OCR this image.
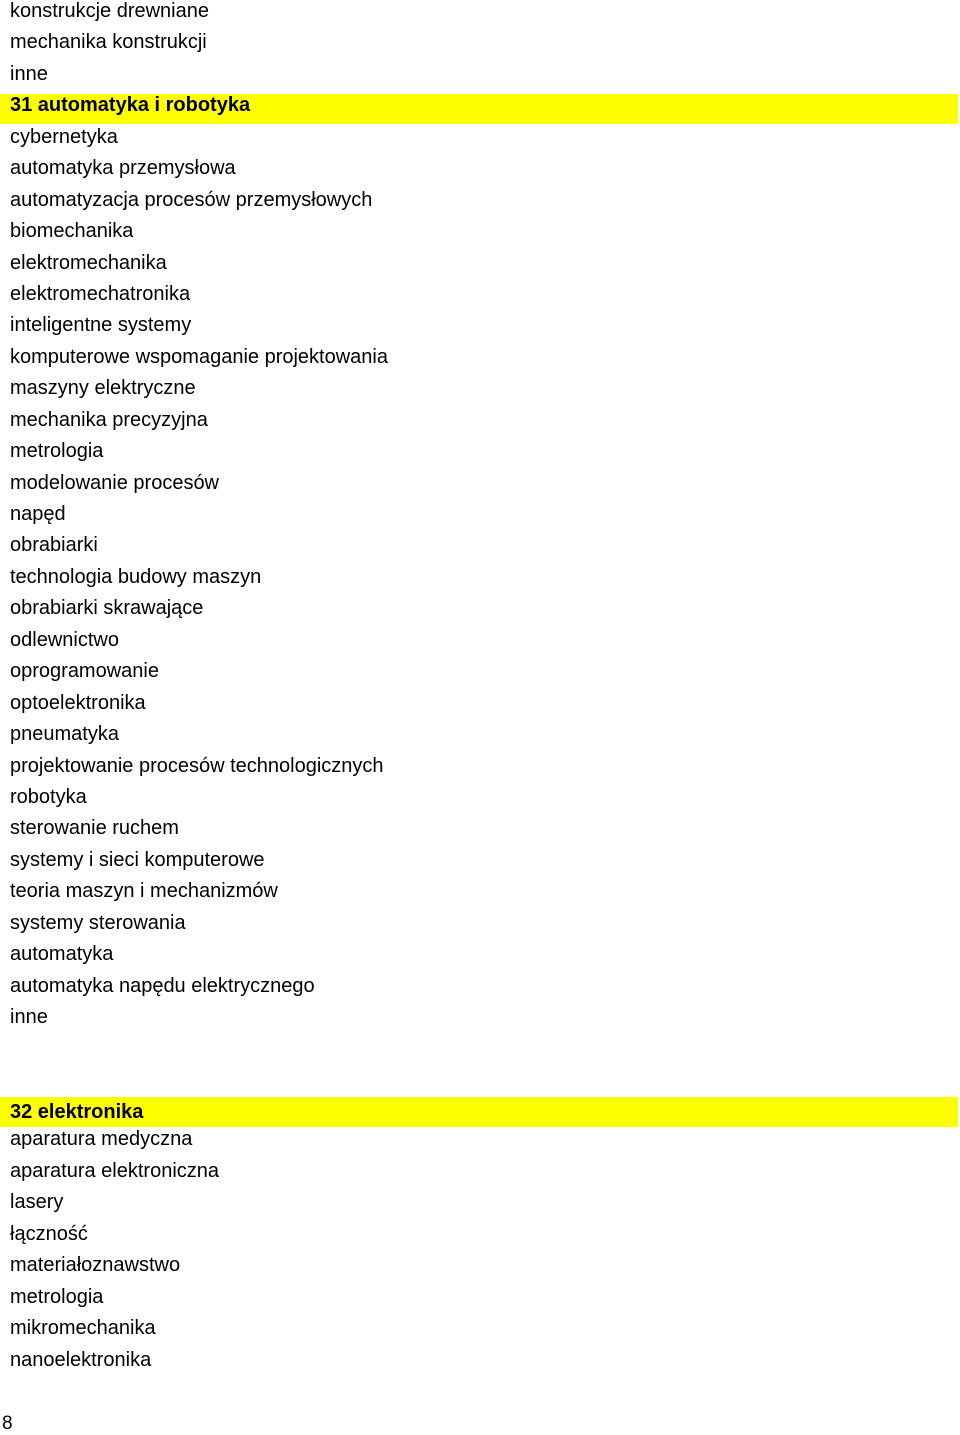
konstrukcje drewniane
mechanika konstrukcji
inne
31 automatyka i robotyka
cybernetyka
automatyka przemysłowa
automatyzacja procesów przemysłowych
biomechanika
elektromechanika
elektromechatronika
inteligentne systemy
komputerowe wspomaganie projektowania
maszyny elektryczne
mechanika precyzyjna
metrologia
modelowanie procesów
napęd
obrabiarki
technologia budowy maszyn
obrabiarki skrawające
odlewnictwo
oprogramowanie
optoelektronika
pneumatyka
projektowanie procesów technologicznych
robotyka
sterowanie ruchem
systemy i sieci komputerowe
teoria maszyn i mechanizmów
systemy sterowania
automatyka
automatyka napędu elektrycznego
inne
32 elektronika
aparatura medyczna
aparatura elektroniczna
lasery
łączność
materiałoznawstwo
metrologia
mikromechanika
nanoelektronika
8
